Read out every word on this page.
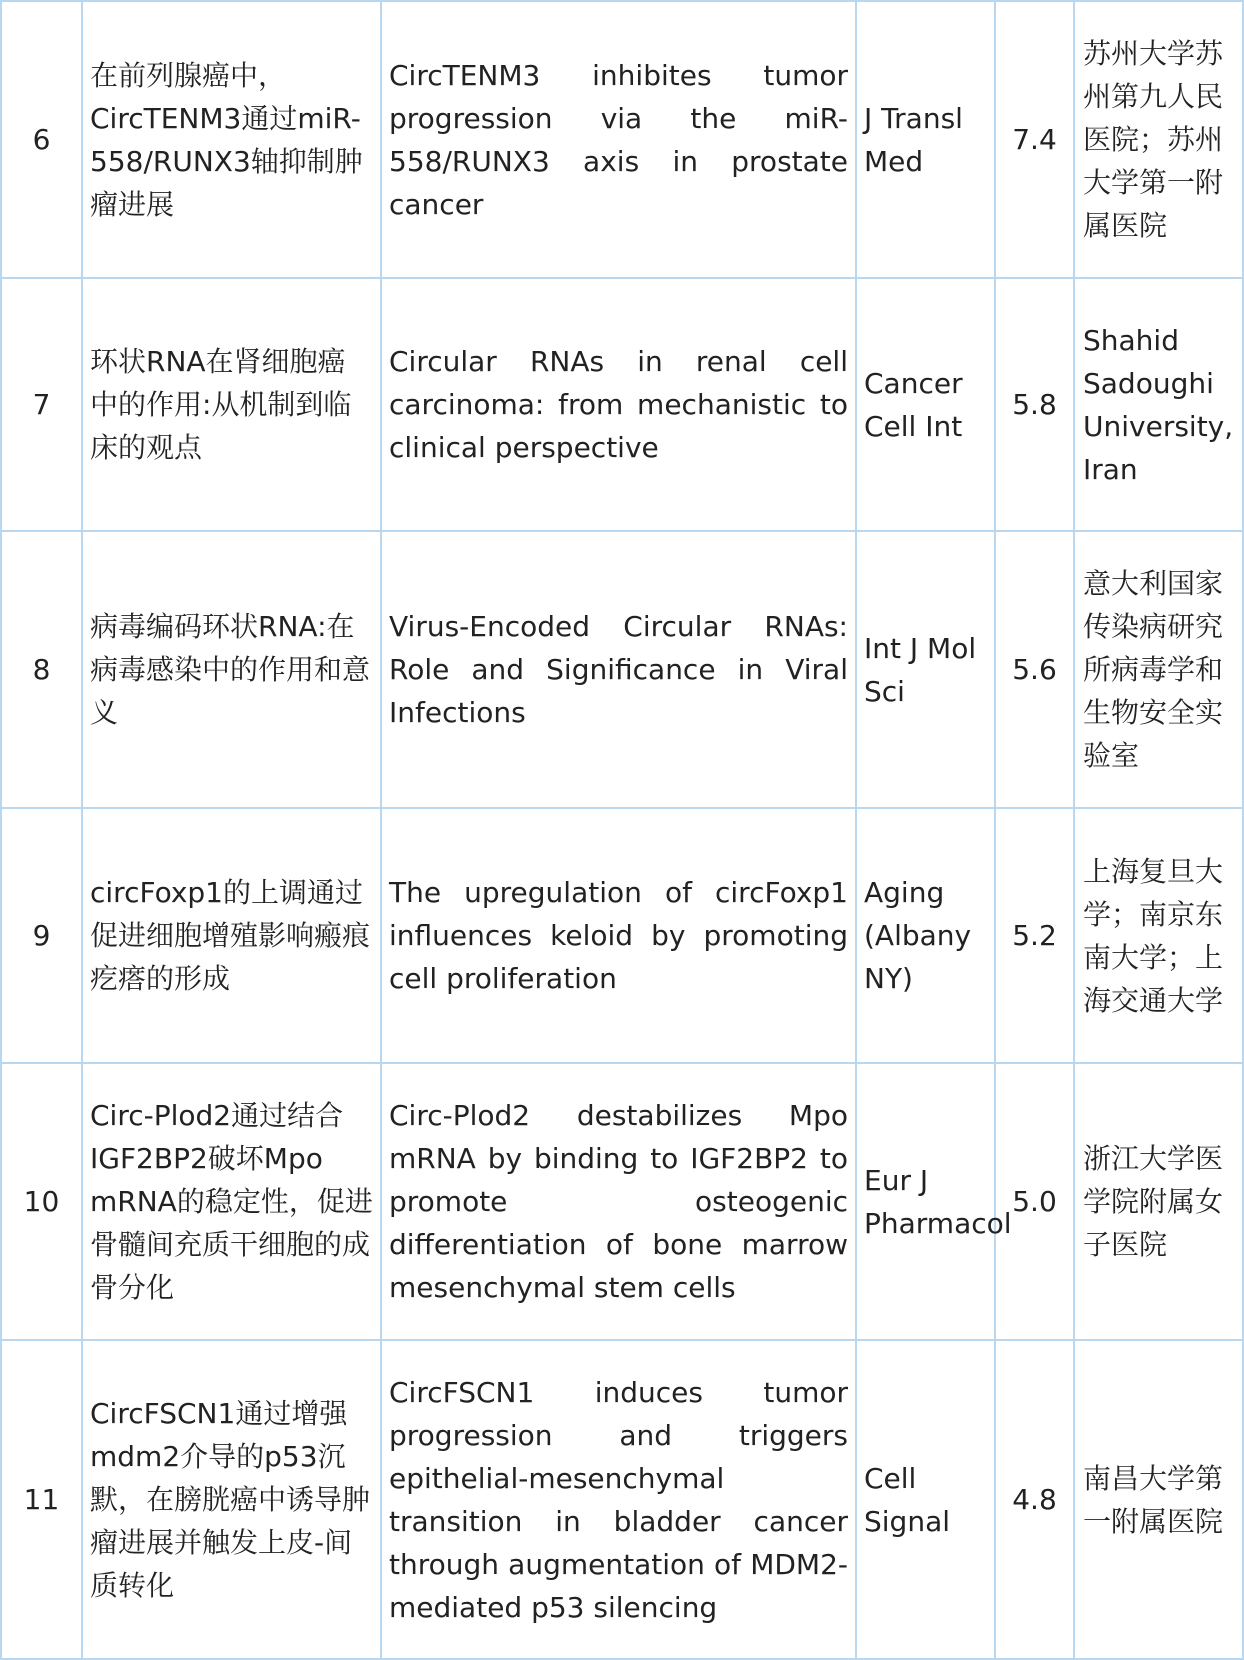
6	在前列腺癌中，CircTENM3通过miR-558/RUNX3轴抑制肿瘤进展	CircTENM3 inhibites tumor progression via the miR-558/RUNX3 axis in prostate cancer	J Transl Med	7.4	苏州大学苏州第九人民医院；苏州大学第一附属医院
7	环状RNA在肾细胞癌中的作用:从机制到临床的观点	Circular RNAs in renal cell carcinoma: from mechanistic to clinical perspective	Cancer Cell Int	5.8	Shahid Sadoughi University, Iran
8	病毒编码环状RNA:在病毒感染中的作用和意义	Virus-Encoded Circular RNAs: Role and Significance in Viral Infections	Int J Mol Sci	5.6	意大利国家传染病研究所病毒学和生物安全实验室
9	circFoxp1的上调通过促进细胞增殖影响瘢痕疙瘩的形成	The upregulation of circFoxp1 influences keloid by promoting cell proliferation	Aging (Albany NY)	5.2	上海复旦大学；南京东南大学；上海交通大学
10	Circ-Plod2通过结合IGF2BP2破坏Mpo mRNA的稳定性，促进骨髓间充质干细胞的成骨分化	Circ-Plod2 destabilizes Mpo mRNA by binding to IGF2BP2 to promote osteogenic differentiation of bone marrow mesenchymal stem cells	Eur J Pharmacol	5.0	浙江大学医学院附属女子医院
11	CircFSCN1通过增强mdm2介导的p53沉默，在膀胱癌中诱导肿瘤进展并触发上皮-间质转化	CircFSCN1 induces tumor progression and triggers epithelial-mesenchymal transition in bladder cancer through augmentation of MDM2-mediated p53 silencing	Cell Signal	4.8	南昌大学第一附属医院
